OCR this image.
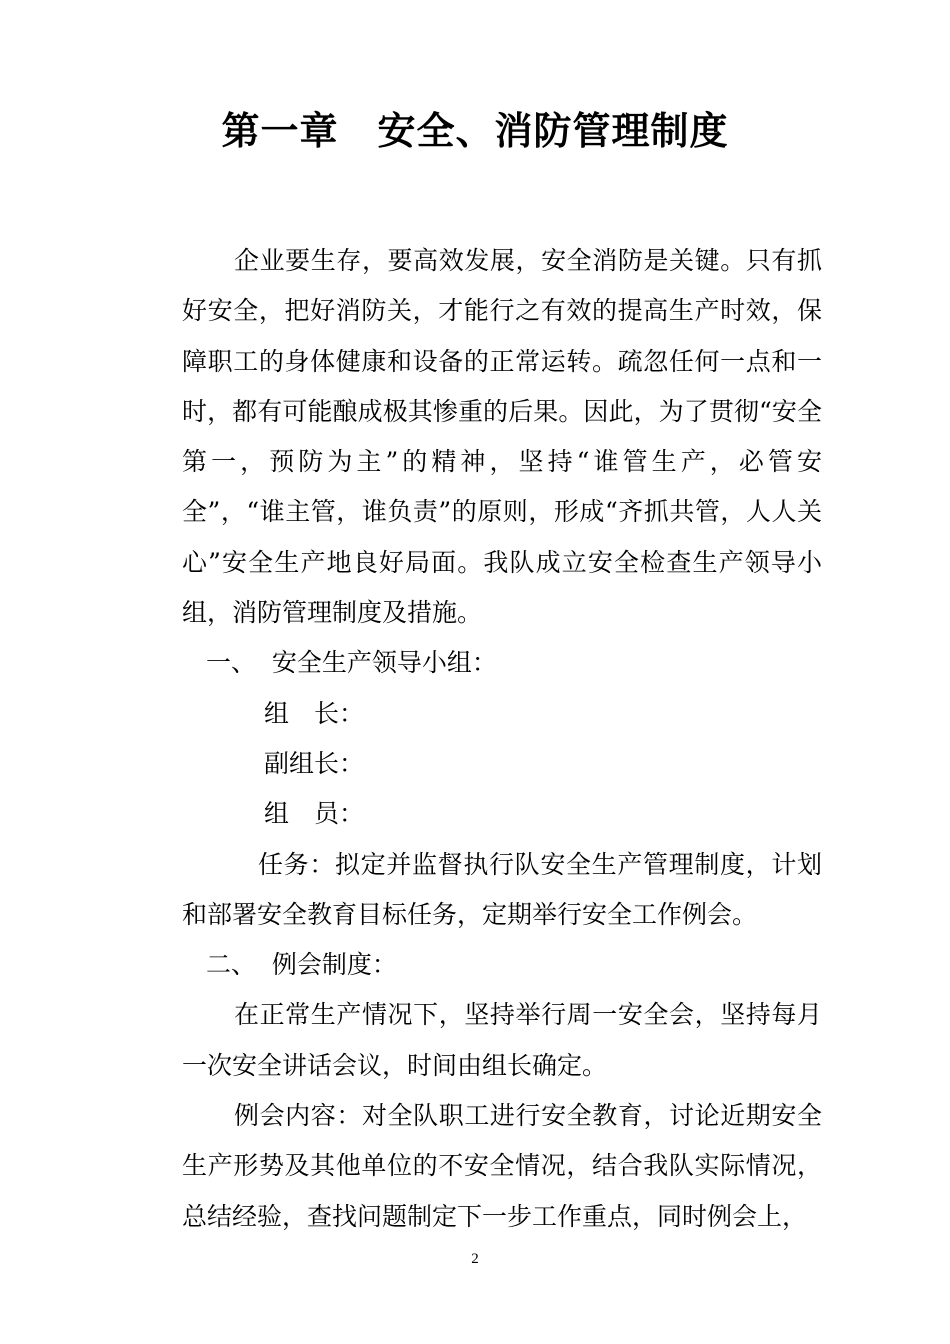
第一章　安全、消防管理制度

企业要生存，要高效发展，安全消防是关键。只有抓好安全，把好消防关，才能行之有效的提高生产时效，保障职工的身体健康和设备的正常运转。疏忽任何一点和一时，都有可能酿成极其惨重的后果。因此，为了贯彻“安全第一，预防为主”的精神，坚持“谁管生产，必管安全”，“谁主管，谁负责”的原则，形成“齐抓共管，人人关心”安全生产地良好局面。我队成立安全检查生产领导小组，消防管理制度及措施。

一、  安全生产领导小组：

组　长：

副组长：

组　员：

任务：拟定并监督执行队安全生产管理制度，计划和部署安全教育目标任务，定期举行安全工作例会。

二、  例会制度：

在正常生产情况下，坚持举行周一安全会，坚持每月一次安全讲话会议，时间由组长确定。

例会内容：对全队职工进行安全教育，讨论近期安全生产形势及其他单位的不安全情况，结合我队实际情况，总结经验，查找问题制定下一步工作重点，同时例会上，

2
